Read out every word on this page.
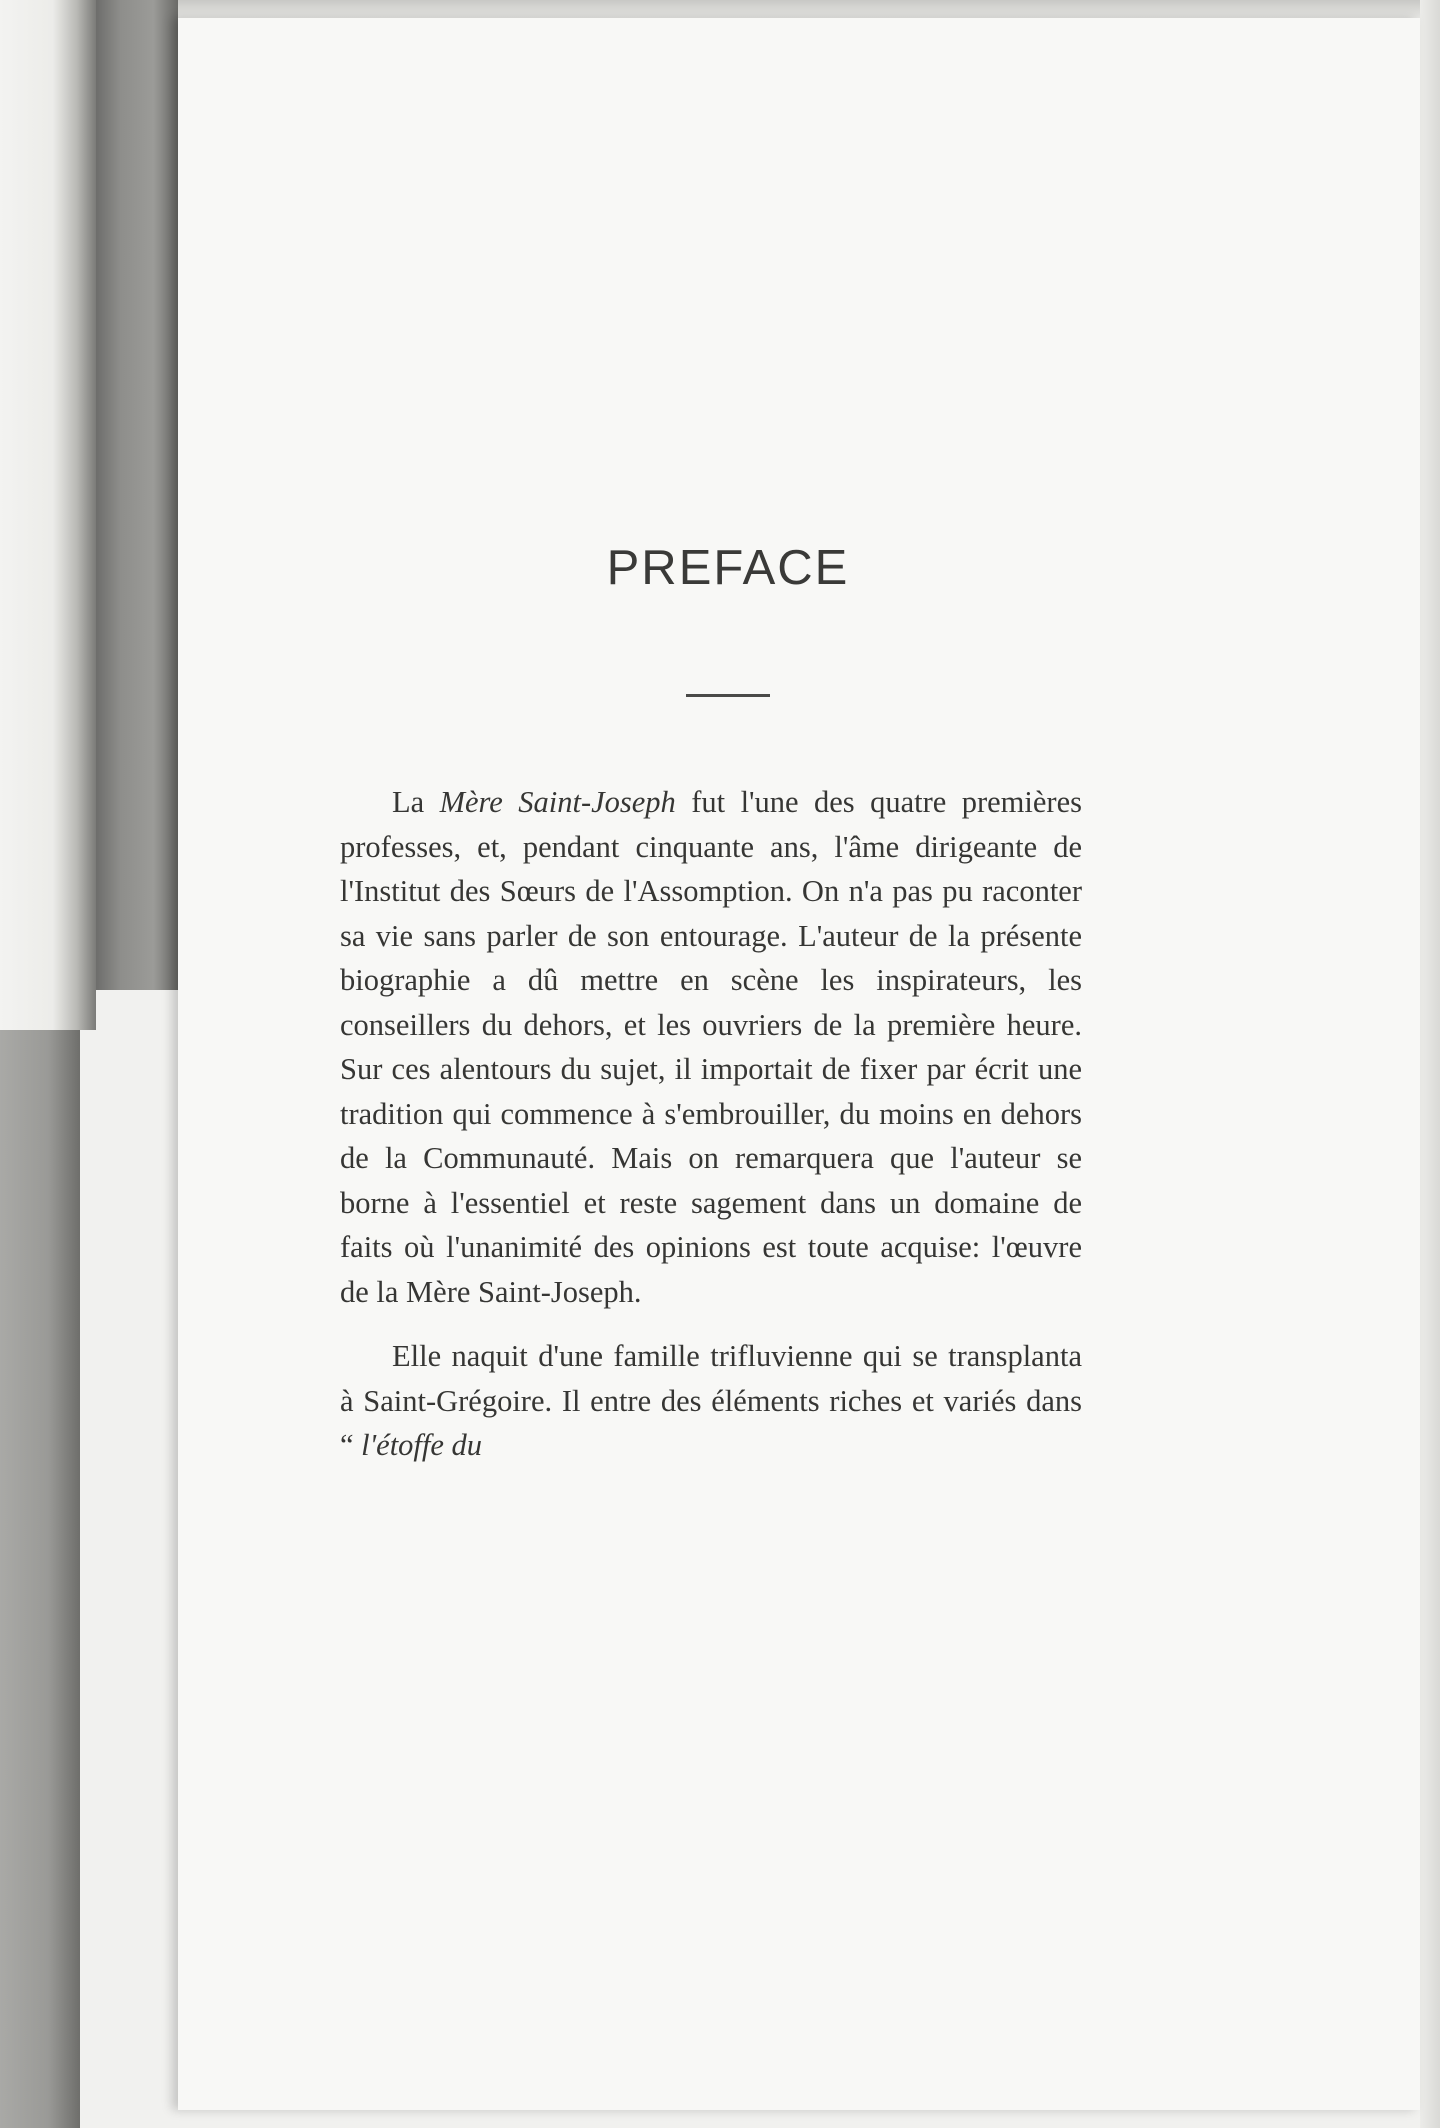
PREFACE

La Mère Saint-Joseph fut l'une des quatre premières professes, et, pendant cinquante ans, l'âme dirigeante de l'Institut des Sœurs de l'Assomption. On n'a pas pu raconter sa vie sans parler de son entourage. L'auteur de la présente biographie a dû mettre en scène les inspirateurs, les conseillers du dehors, et les ouvriers de la première heure. Sur ces alentours du sujet, il importait de fixer par écrit une tradition qui commence à s'embrouiller, du moins en dehors de la Communauté. Mais on remarquera que l'auteur se borne à l'essentiel et reste sagement dans un domaine de faits où l'unanimité des opinions est toute acquise: l'œuvre de la Mère Saint-Joseph.

Elle naquit d'une famille trifluvienne qui se transplanta à Saint-Grégoire. Il entre des éléments riches et variés dans “ l'étoffe du
